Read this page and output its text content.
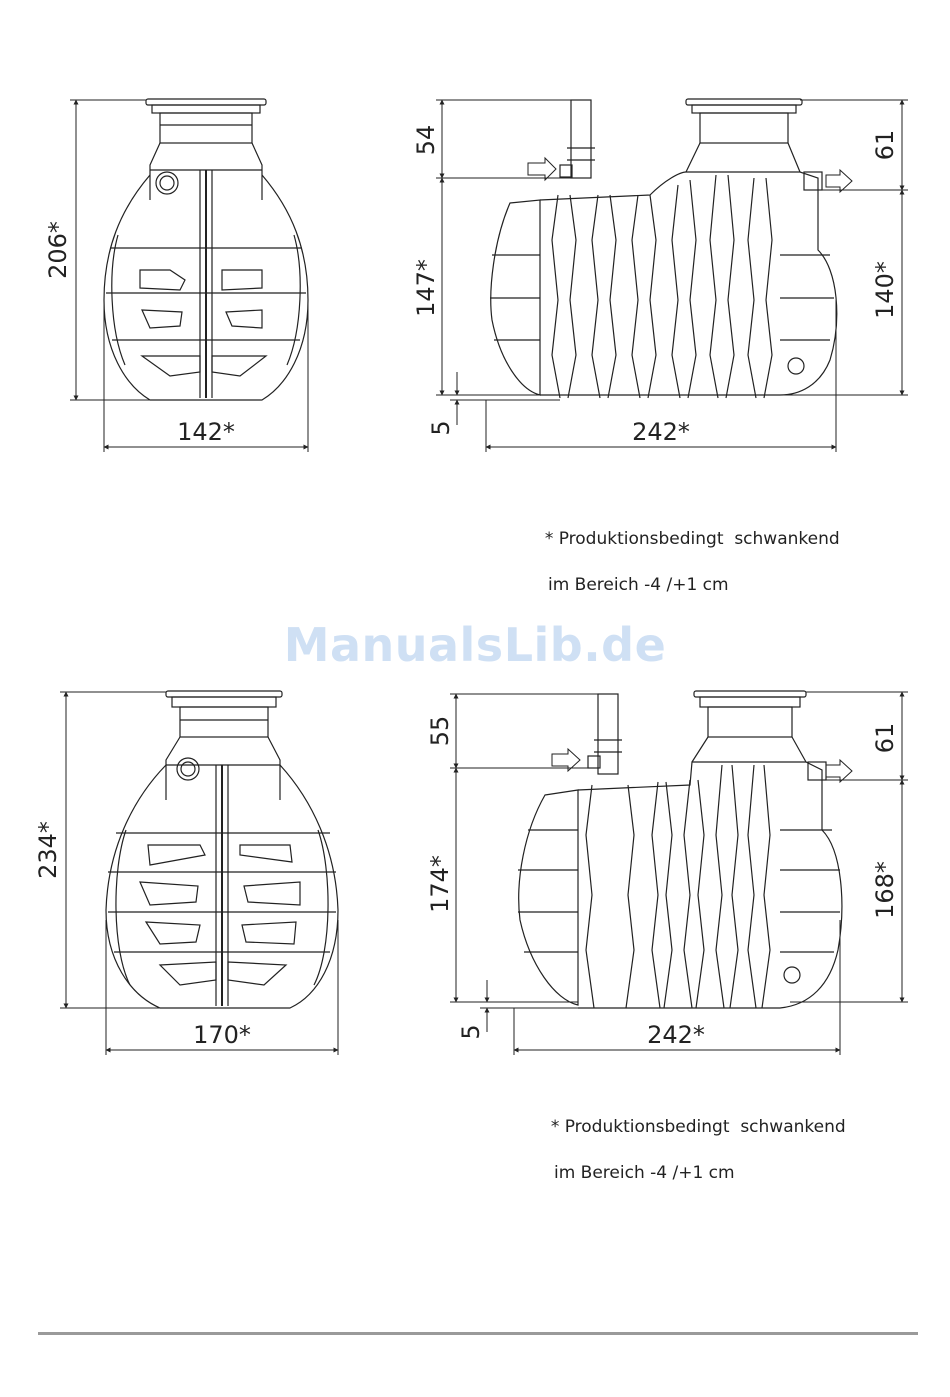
206*
142*
54
147*
5	242*
61
140*
234*
170*
55
174*
5	242*
61
168*

* Produktionsbedingt  schwankend

im Bereich -4 /+1 cm

ManualsLib.de

* Produktionsbedingt  schwankend

im Bereich -4 /+1 cm
